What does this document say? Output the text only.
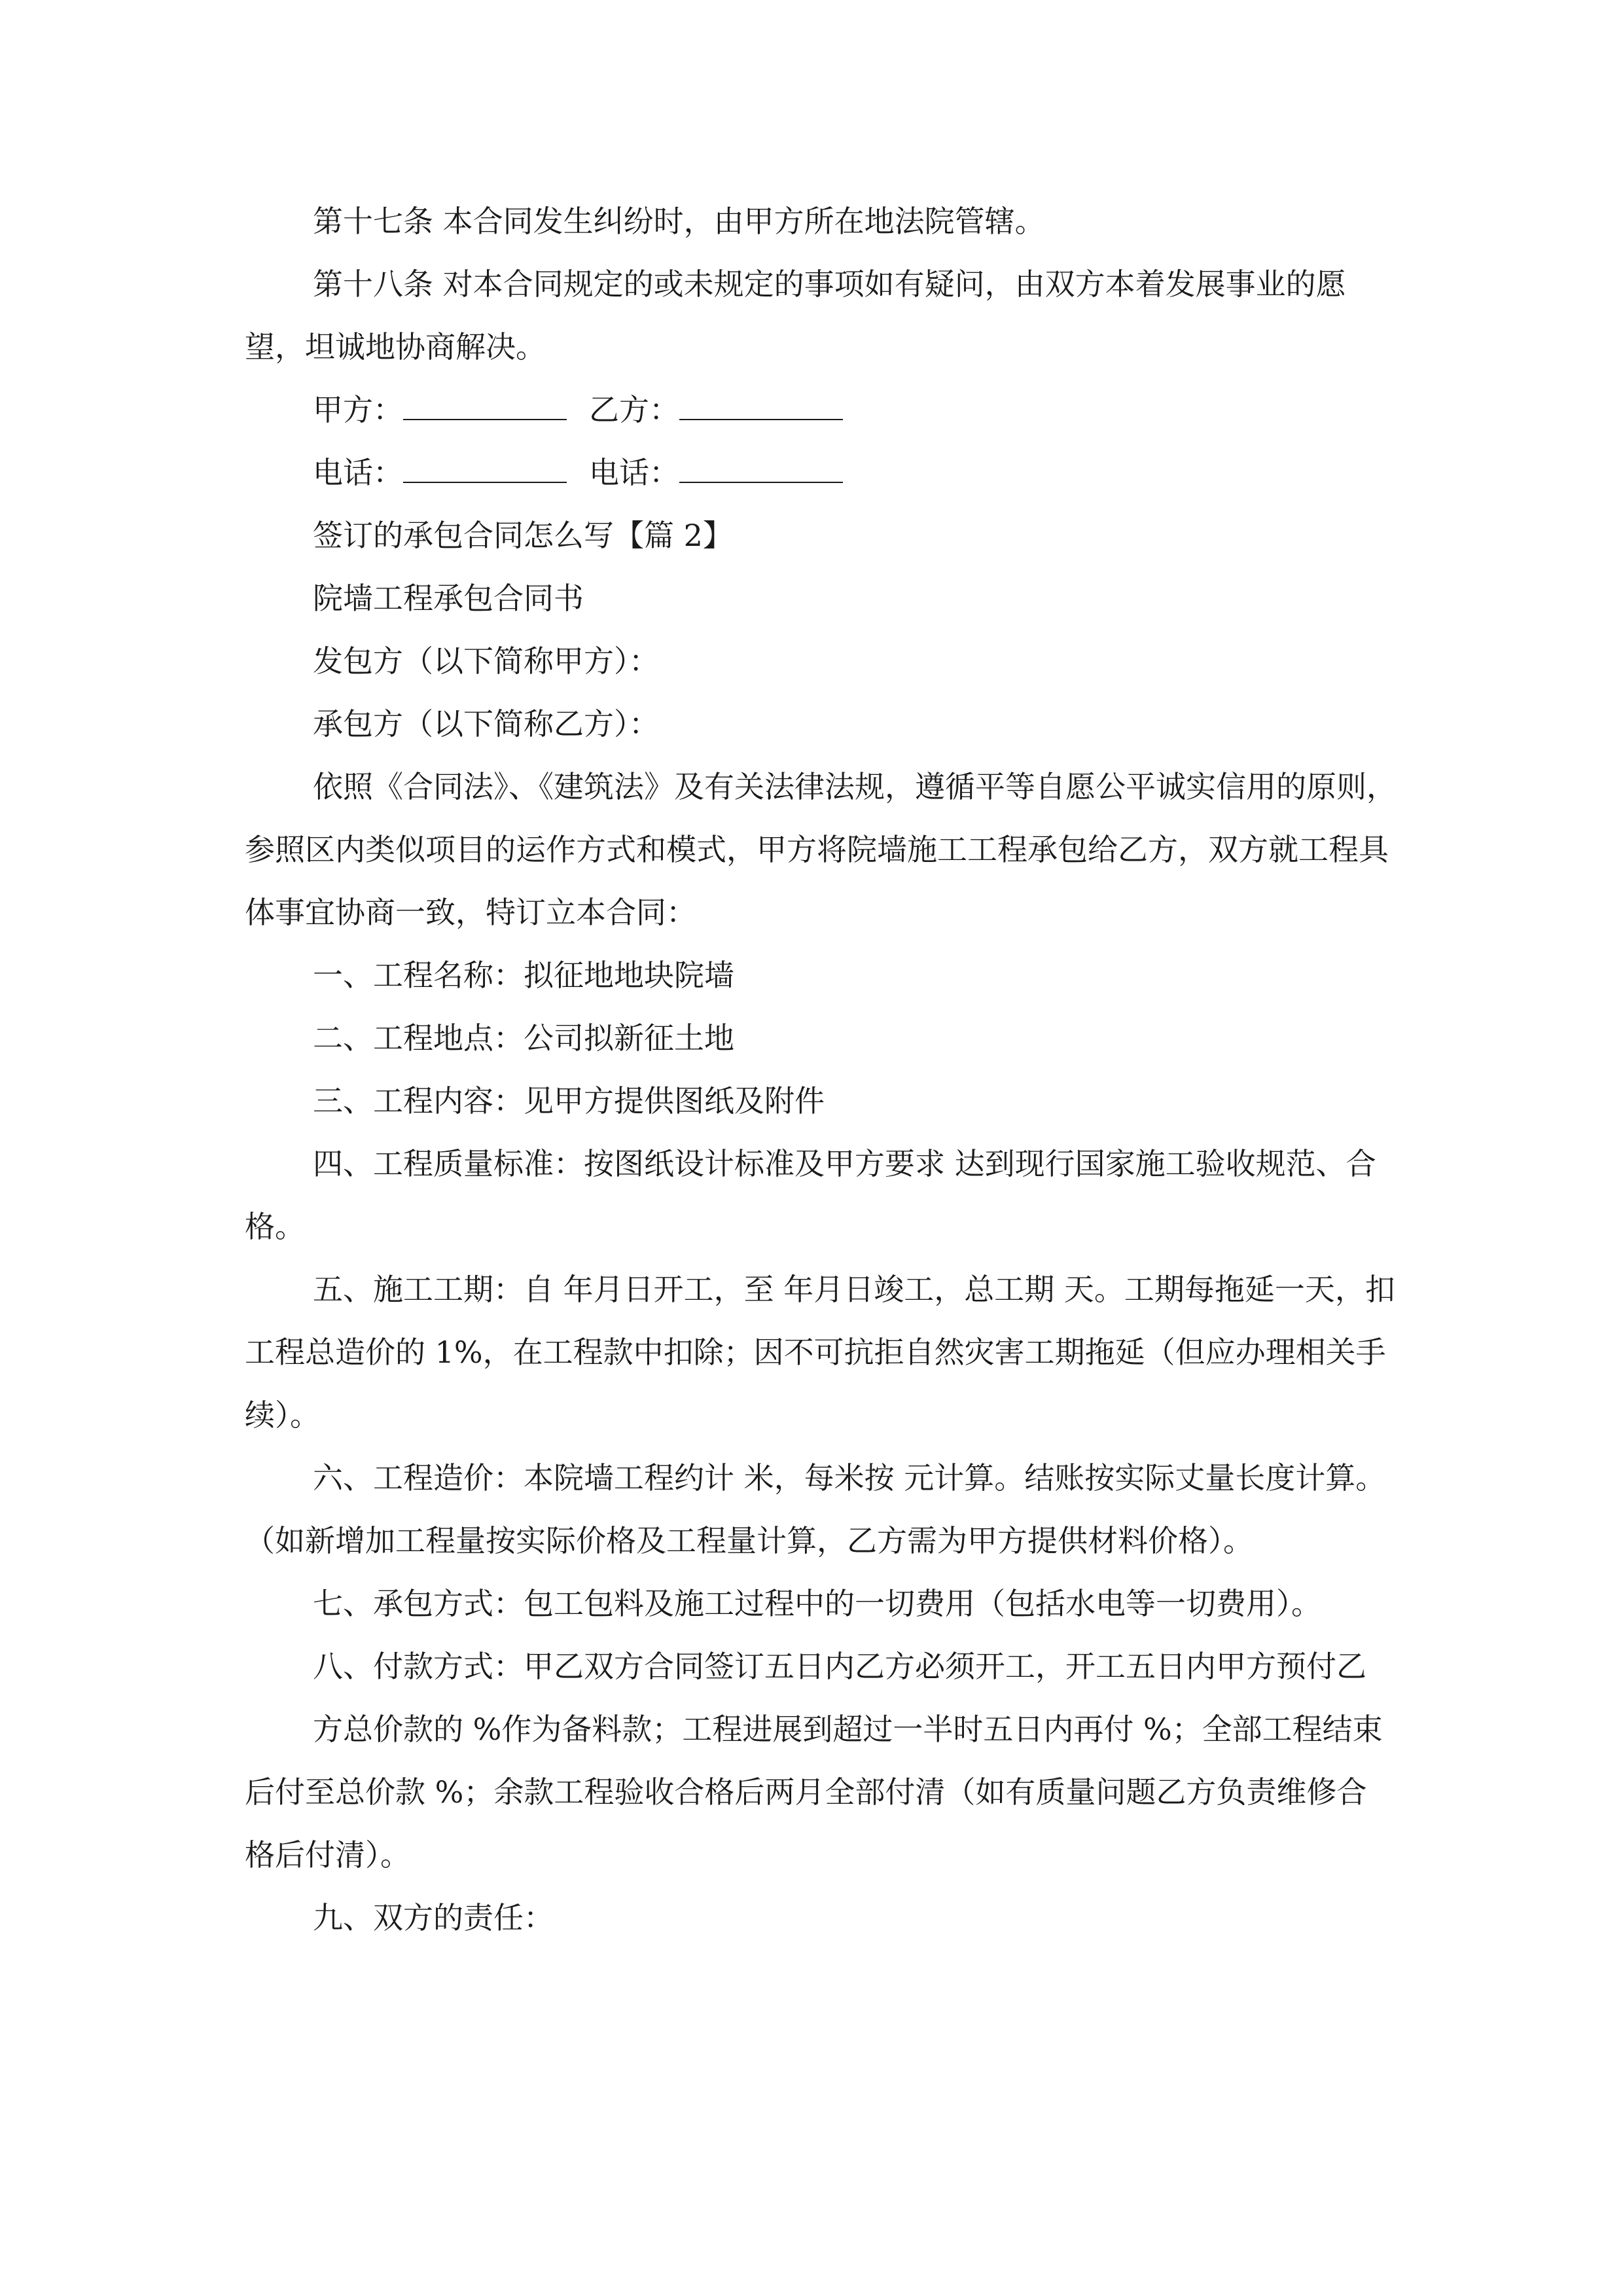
第十七条 本合同发生纠纷时，由甲方所在地法院管辖。

第十八条 对本合同规定的或未规定的事项如有疑问，由双方本着发展事业的愿望，坦诚地协商解决。

甲方：	乙方：

电话：	电话：

签订的承包合同怎么写【篇 2】

院墙工程承包合同书

发包方（以下简称甲方）：

承包方（以下简称乙方）：

依照《合同法》、《建筑法》及有关法律法规，遵循平等自愿公平诚实信用的原则，参照区内类似项目的运作方式和模式，甲方将院墙施工工程承包给乙方，双方就工程具体事宜协商一致，特订立本合同：

一、工程名称：拟征地地块院墙

二、工程地点：公司拟新征土地

三、工程内容：见甲方提供图纸及附件

四、工程质量标准：按图纸设计标准及甲方要求 达到现行国家施工验收规范、合格。

五、施工工期：自 年月日开工，至 年月日竣工，总工期 天。工期每拖延一天，扣工程总造价的 1%，在工程款中扣除；因不可抗拒自然灾害工期拖延（但应办理相关手续）。

六、工程造价：本院墙工程约计 米，每米按 元计算。结账按实际丈量长度计算。（如新增加工程量按实际价格及工程量计算，乙方需为甲方提供材料价格）。

七、承包方式：包工包料及施工过程中的一切费用（包括水电等一切费用）。

八、付款方式：甲乙双方合同签订五日内乙方必须开工，开工五日内甲方预付乙

方总价款的 %作为备料款；工程进展到超过一半时五日内再付 %；全部工程结束后付至总价款 %；余款工程验收合格后两月全部付清（如有质量问题乙方负责维修合格后付清）。

九、双方的责任：
